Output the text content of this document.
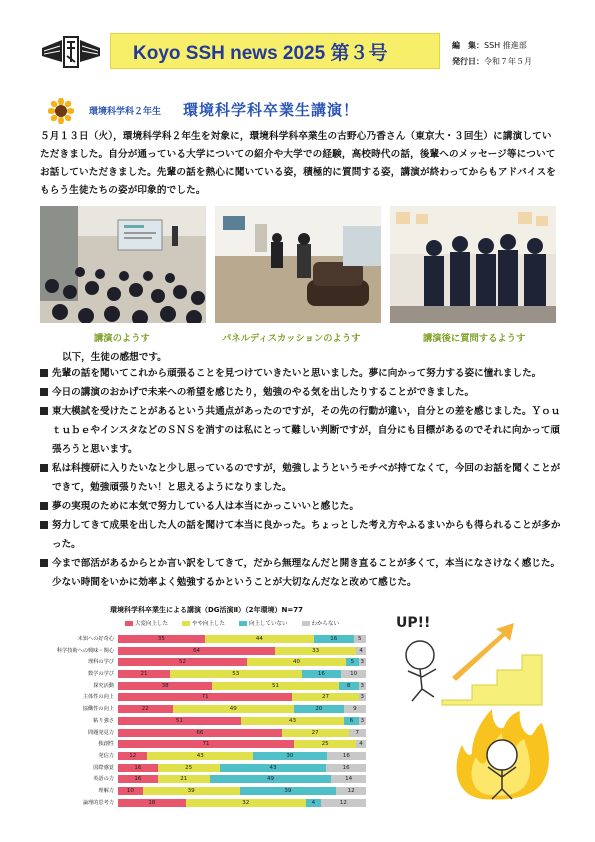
Koyo SSH news 2025 第３号	編　集：SSH 推進部
発行日：令和７年５月
環境科学科２年生 環境科学科卒業生講演！
５月１３日（火），環境科学科２年生を対象に，環境科学科卒業生の古野心乃香さん（東京大・３回生）に講演していただきました。自分が通っている大学についての紹介や大学での経験，高校時代の話，後輩へのメッセージ等についてお話していただきました。先輩の話を熱心に聞いている姿，積極的に質問する姿，講演が終わってからもアドバイスをもらう生徒たちの姿が印象的でした。
講演のようす	パネルディスカッションのようす	講演後に質問するようす
以下，生徒の感想です。
先輩の話を聞いてこれから頑張ることを見つけていきたいと思いました。夢に向かって努力する姿に憧れました。
今日の講演のおかげで未来への希望を感じたり，勉強のやる気を出したりすることができました。
東大模試を受けたことがあるという共通点があったのですが，その先の行動が違い，自分との差を感じました。ＹｏｕｔｕｂｅやインスタなどのＳＮＳを消すのは私にとって難しい判断ですが，自分にも目標があるのでそれに向かって頑張ろうと思います。
私は科捜研に入りたいなと少し思っているのですが，勉強しようというモチベが持てなくて，今回のお話を聞くことができて，勉強頑張りたい！と思えるようになりました。
夢の実現のために本気で努力している人は本当にかっこいいと感じた。
努力してきて成果を出した人の話を聞けて本当に良かった。ちょっとした考え方やふるまいからも得られることが多かった。
今まで部活があるからとか言い訳をしてきて，だから無理なんだと開き直ることが多くて，本当になさけなく感じた。少ない時間をいかに効率よく勉強するかということが大切なんだなと改めて感じた。
環境科学科卒業生による講演（DG活演Ⅱ）（2年環境）N=77
大変向上した	やや向上した	向上していない	わからない
未知への好奇心	35	44	16	5
科学技術への興味・関心	64	33	4
理科の学び	52	40	5	3
数学の学び	21	53	16	10
探究活動	38	51	8	3
主体性の向上	71	27	3
協働性の向上	22	49	20	9
粘り強さ	51	43	6	3
問題発見力	66	27	7
独創性	71	25	4
発信力	12	43	30	16
国際感覚	16	25	43	16
英語の力	16	21	49	14
理解力	10	39	39	12
論理的思考力	18	32	4	12
UP!!
